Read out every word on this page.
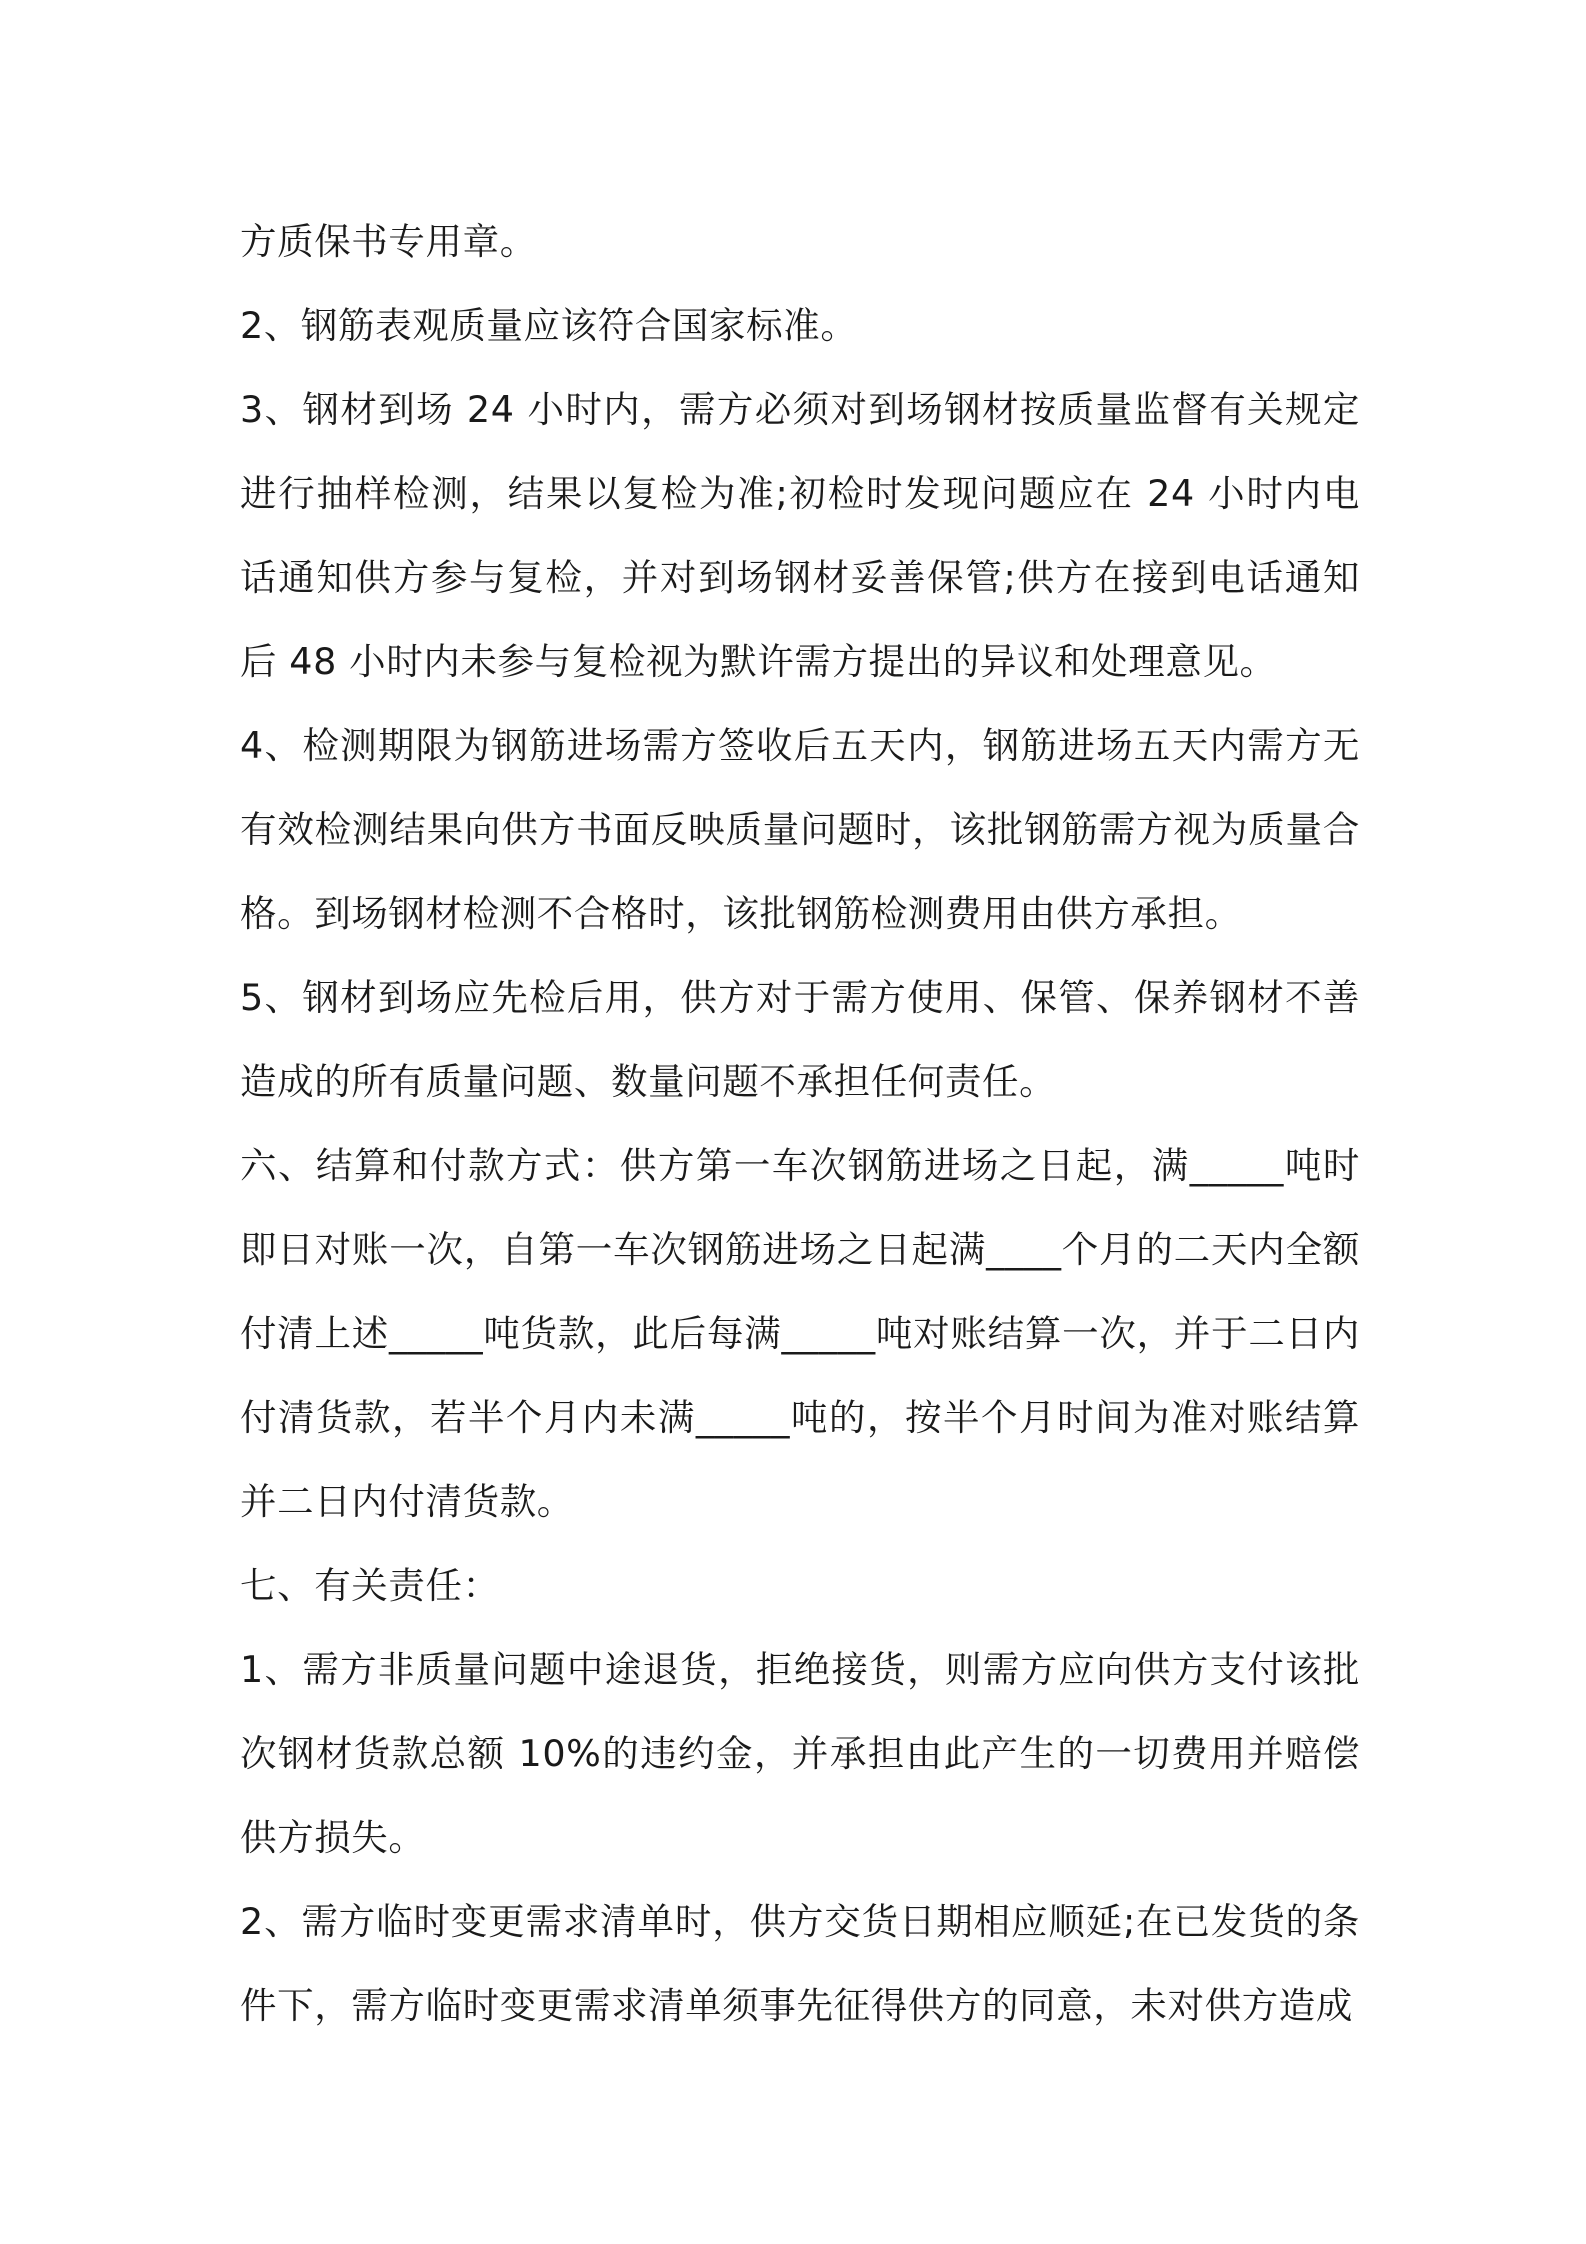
方质保书专用章。

2、钢筋表观质量应该符合国家标准。

3、钢材到场 24 小时内，需方必须对到场钢材按质量监督有关规定进行抽样检测，结果以复检为准;初检时发现问题应在 24 小时内电话通知供方参与复检，并对到场钢材妥善保管;供方在接到电话通知后 48 小时内未参与复检视为默许需方提出的异议和处理意见。

4、检测期限为钢筋进场需方签收后五天内，钢筋进场五天内需方无有效检测结果向供方书面反映质量问题时，该批钢筋需方视为质量合格。到场钢材检测不合格时，该批钢筋检测费用由供方承担。

5、钢材到场应先检后用，供方对于需方使用、保管、保养钢材不善造成的所有质量问题、数量问题不承担任何责任。

六、结算和付款方式：供方第一车次钢筋进场之日起，满_____吨时即日对账一次，自第一车次钢筋进场之日起满____个月的二天内全额付清上述_____吨货款，此后每满_____吨对账结算一次，并于二日内付清货款，若半个月内未满_____吨的，按半个月时间为准对账结算并二日内付清货款。

七、有关责任：

1、需方非质量问题中途退货，拒绝接货，则需方应向供方支付该批次钢材货款总额 10%的违约金，并承担由此产生的一切费用并赔偿供方损失。

2、需方临时变更需求清单时，供方交货日期相应顺延;在已发货的条件下，需方临时变更需求清单须事先征得供方的同意，未对供方造成
